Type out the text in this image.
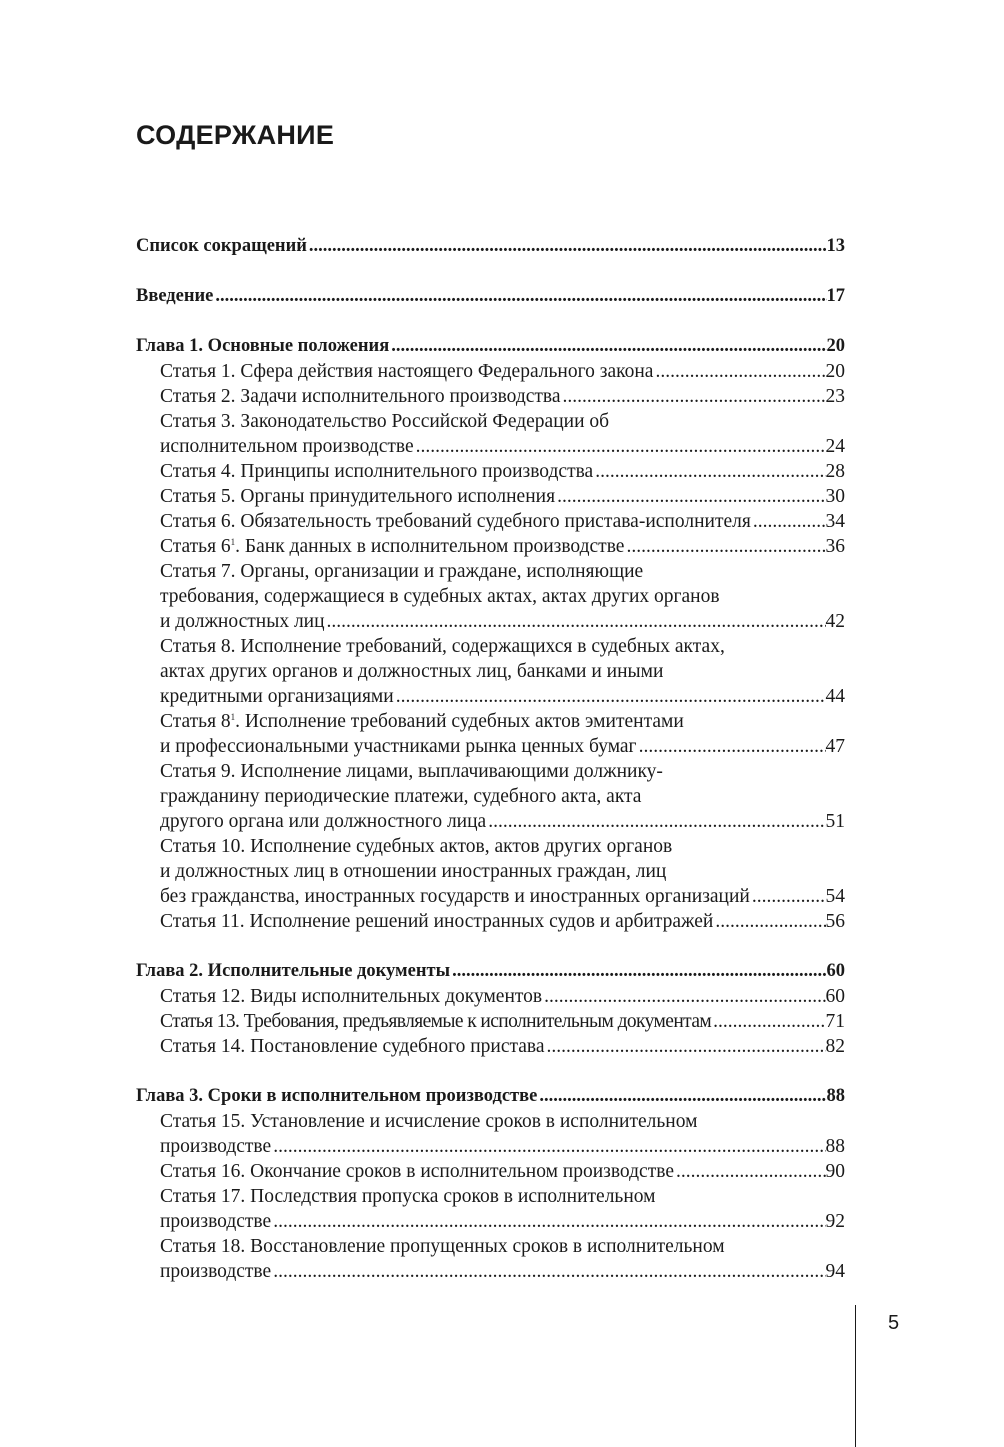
СОДЕРЖАНИЕ
Список сокращений .....	13
Введение .....	17
Глава 1. Основные положения .....	20
Статья 1. Сфера действия настоящего Федерального закона .....	20
Статья 2. Задачи исполнительного производства .....	23
Статья 3. Законодательство Российской Федерации об
исполнительном производстве .....	24
Статья 4. Принципы исполнительного производства .....	28
Статья 5. Органы принудительного исполнения .....	30
Статья 6. Обязательность требований судебного пристава-исполнителя .....	34
Статья $6^1$. Банк данных в исполнительном производстве .....	36
Статья 7. Органы, организации и граждане, исполняющие
требования, содержащиеся в судебных актах, актах других органов
и должностных лиц .....	42
Статья 8. Исполнение требований, содержащихся в судебных актах,
актах других органов и должностных лиц, банками и иными
кредитными организациями .....	44
Статья $8^1$. Исполнение требований судебных актов эмитентами
и профессиональными участниками рынка ценных бумаг .....	47
Статья 9. Исполнение лицами, выплачивающими должнику-
гражданину периодические платежи, судебного акта, акта
другого органа или должностного лица .....	51
Статья 10. Исполнение судебных актов, актов других органов
и должностных лиц в отношении иностранных граждан, лиц
без гражданства, иностранных государств и иностранных организаций .....	54
Статья 11. Исполнение решений иностранных судов и арбитражей .....	56
Глава 2. Исполнительные документы .....	60
Статья 12. Виды исполнительных документов .....	60
Статья 13. Требования, предъявляемые к исполнительным документам .....	71
Статья 14. Постановление судебного пристава .....	82
Глава 3. Сроки в исполнительном производстве .....	88
Статья 15. Установление и исчисление сроков в исполнительном
производстве .....	88
Статья 16. Окончание сроков в исполнительном производстве .....	90
Статья 17. Последствия пропуска сроков в исполнительном
производстве .....	92
Статья 18. Восстановление пропущенных сроков в исполнительном
производстве .....	94
5
